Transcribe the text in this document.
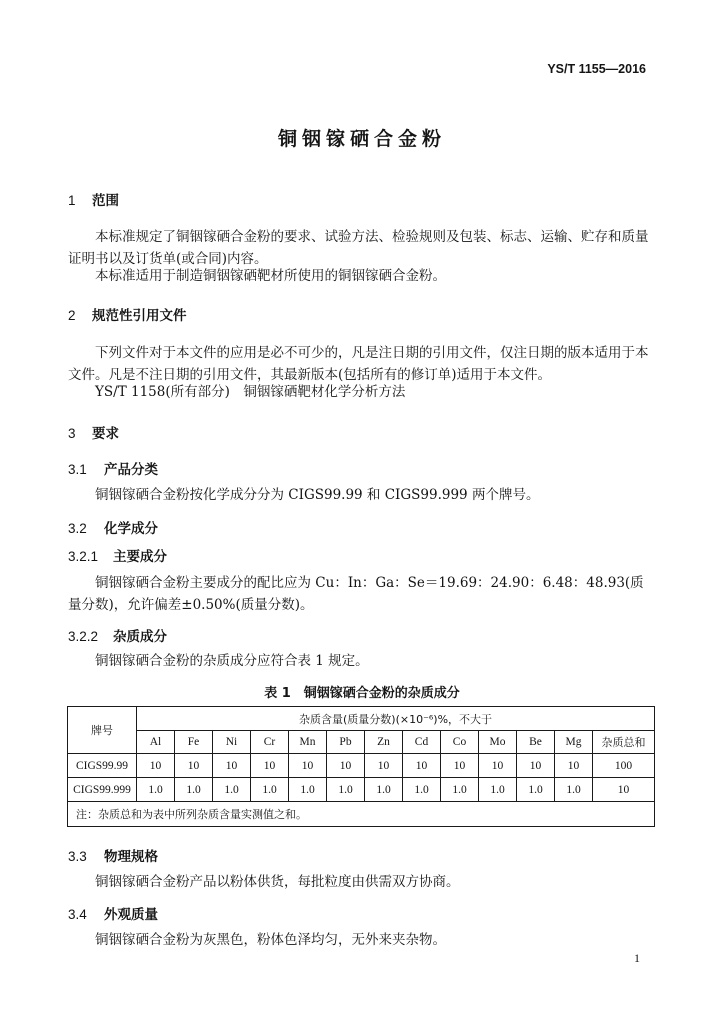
YS/T 1155—2016
铜铟镓硒合金粉
1 范围

本标准规定了铜铟镓硒合金粉的要求、试验方法、检验规则及包装、标志、运输、贮存和质量证明书以及订货单(或合同)内容。

本标准适用于制造铜铟镓硒靶材所使用的铜铟镓硒合金粉。

2 规范性引用文件

下列文件对于本文件的应用是必不可少的，凡是注日期的引用文件，仅注日期的版本适用于本文件。凡是不注日期的引用文件，其最新版本(包括所有的修订单)适用于本文件。

YS/T 1158(所有部分)　铜铟镓硒靶材化学分析方法

3 要求
3.1 产品分类

铜铟镓硒合金粉按化学成分分为 CIGS99.99 和 CIGS99.999 两个牌号。

3.2 化学成分
3.2.1 主要成分

铜铟镓硒合金粉主要成分的配比应为 Cu：In：Ga：Se＝19.69：24.90：6.48：48.93(质量分数)，允许偏差±0.50%(质量分数)。

3.2.2 杂质成分

铜铟镓硒合金粉的杂质成分应符合表 1 规定。

表 1　铜铟镓硒合金粉的杂质成分
牌号	杂质含量(质量分数)(×10⁻⁶)%，不大于												
	Al	Fe	Ni	Cr	Mn	Pb	Zn	Cd	Co	Mo	Be	Mg	杂质总和
CIGS99.99	10	10	10	10	10	10	10	10	10	10	10	10	100
CIGS99.999	1.0	1.0	1.0	1.0	1.0	1.0	1.0	1.0	1.0	1.0	1.0	1.0	10
注：杂质总和为表中所列杂质含量实测值之和。													
3.3 物理规格

铜铟镓硒合金粉产品以粉体供货，每批粒度由供需双方协商。

3.4 外观质量

铜铟镓硒合金粉为灰黑色，粉体色泽均匀，无外来夹杂物。

1
